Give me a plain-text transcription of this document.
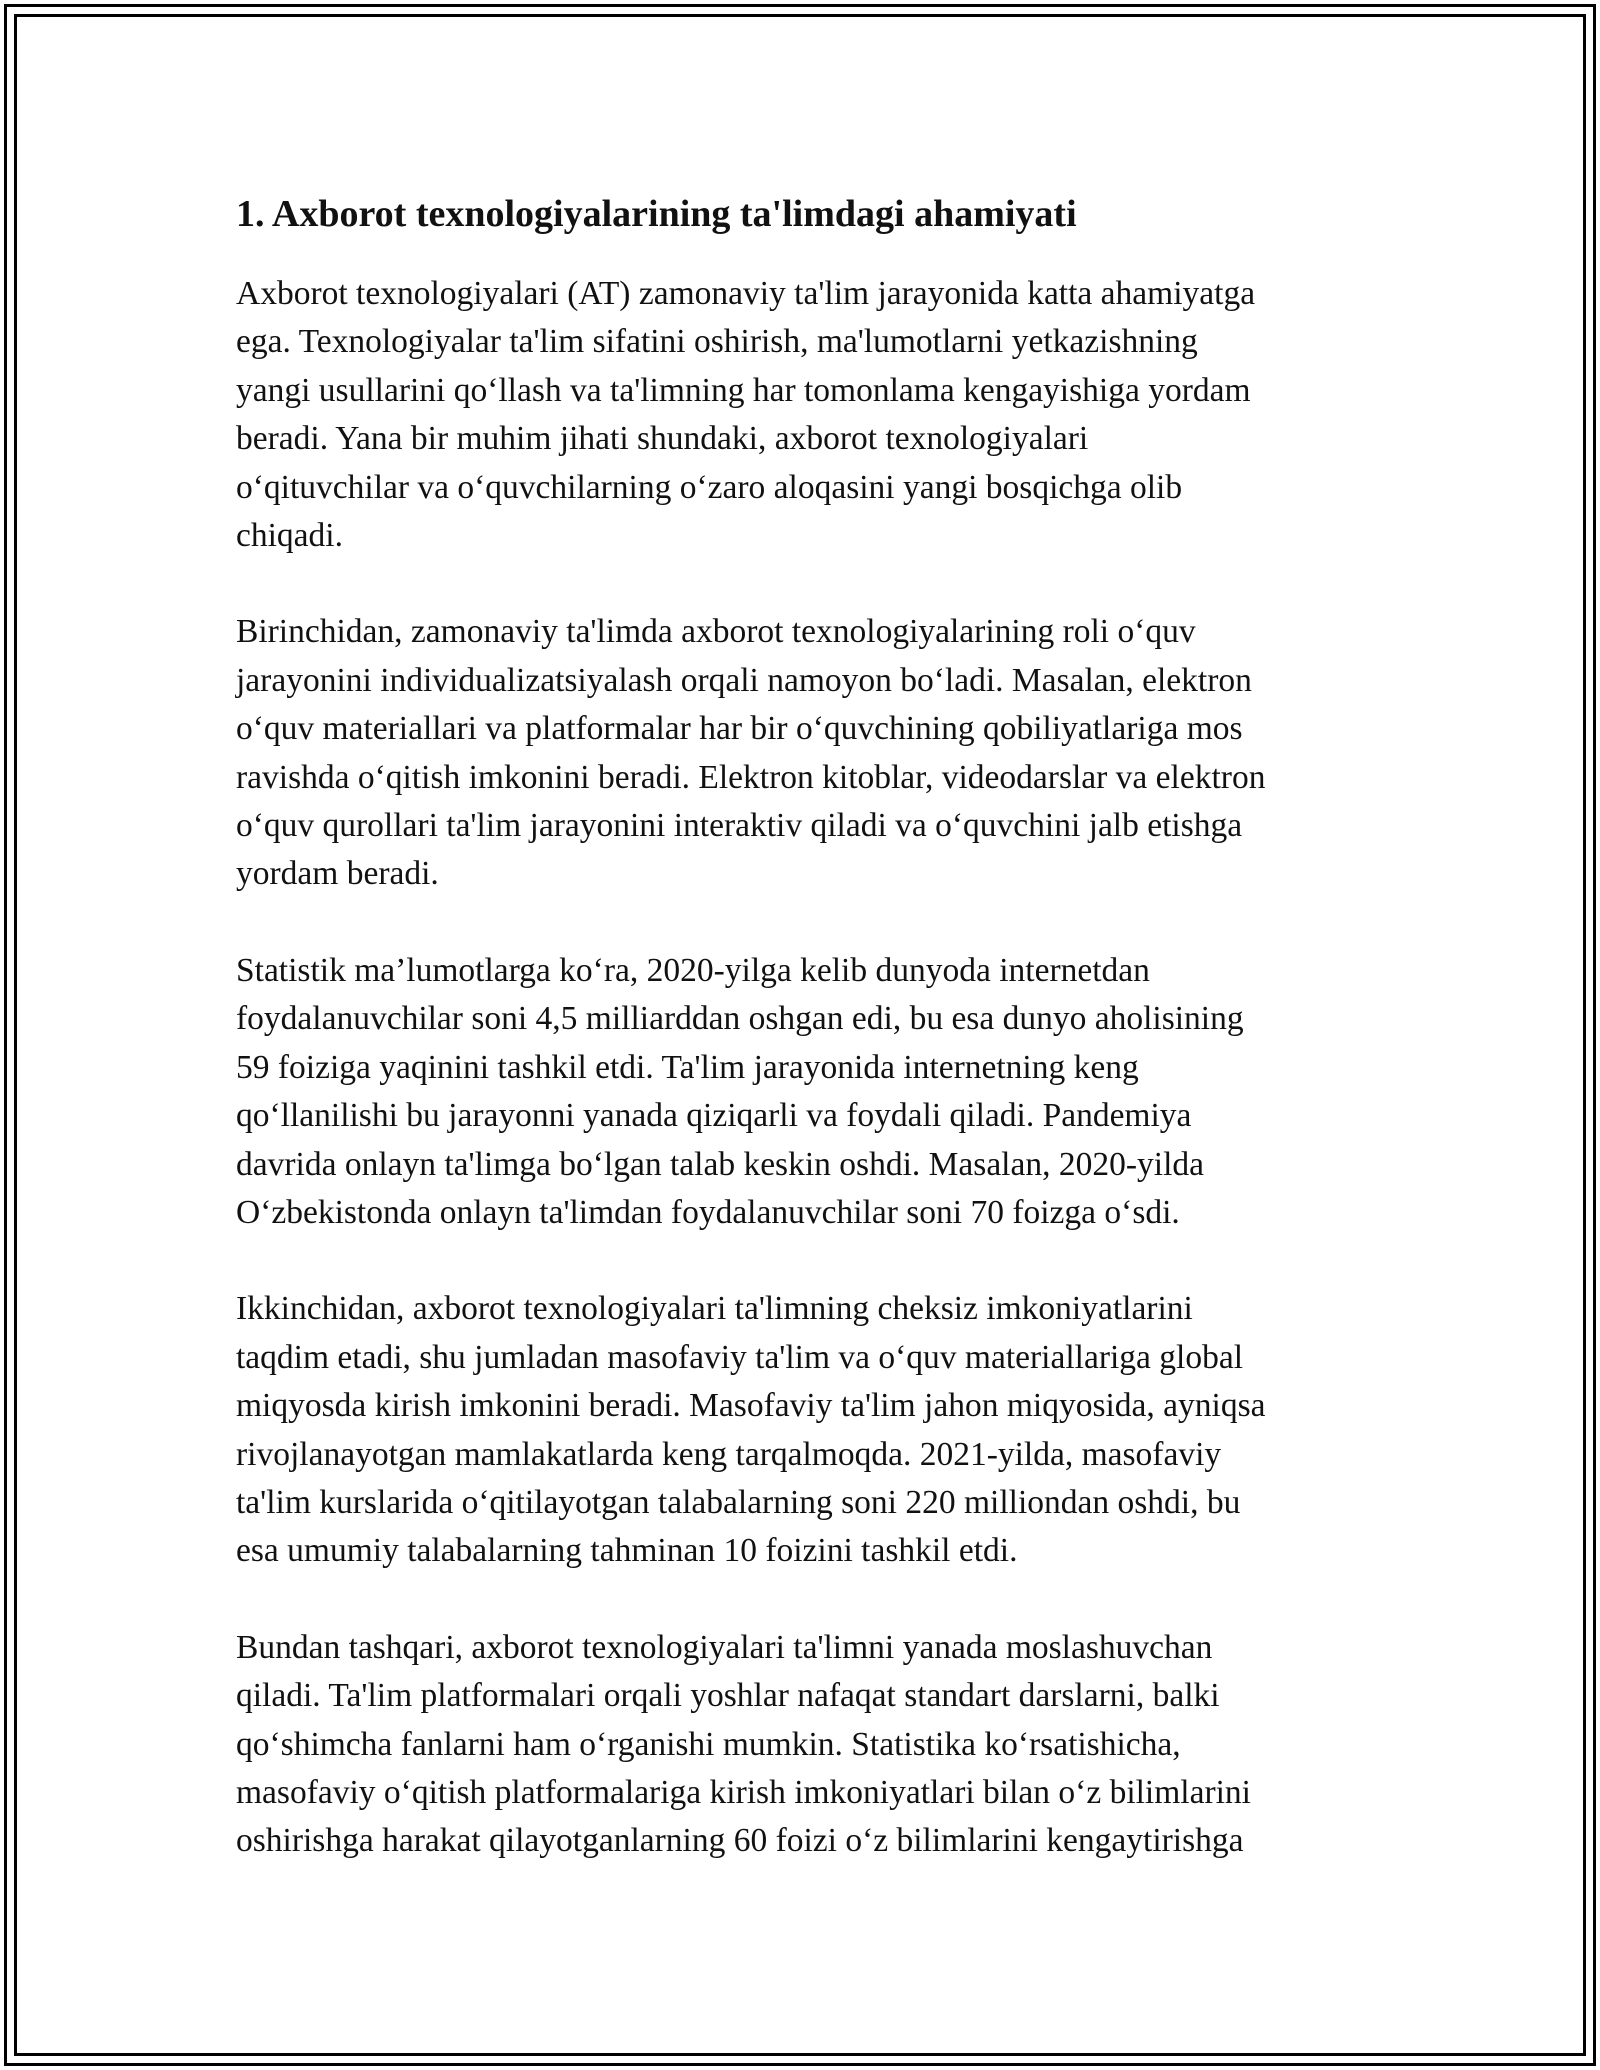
1. Axborot texnologiyalarining ta'limdagi ahamiyati

Axborot texnologiyalari (AT) zamonaviy ta'lim jarayonida katta ahamiyatga
ega. Texnologiyalar ta'lim sifatini oshirish, ma'lumotlarni yetkazishning
yangi usullarini qoʻllash va ta'limning har tomonlama kengayishiga yordam
beradi. Yana bir muhim jihati shundaki, axborot texnologiyalari
oʻqituvchilar va oʻquvchilarning oʻzaro aloqasini yangi bosqichga olib
chiqadi.

Birinchidan, zamonaviy ta'limda axborot texnologiyalarining roli oʻquv
jarayonini individualizatsiyalash orqali namoyon boʻladi. Masalan, elektron
oʻquv materiallari va platformalar har bir oʻquvchining qobiliyatlariga mos
ravishda oʻqitish imkonini beradi. Elektron kitoblar, videodarslar va elektron
oʻquv qurollari ta'lim jarayonini interaktiv qiladi va oʻquvchini jalb etishga
yordam beradi.

Statistik ma’lumotlarga koʻra, 2020-yilga kelib dunyoda internetdan
foydalanuvchilar soni 4,5 milliarddan oshgan edi, bu esa dunyo aholisining
59 foiziga yaqinini tashkil etdi. Ta'lim jarayonida internetning keng
qoʻllanilishi bu jarayonni yanada qiziqarli va foydali qiladi. Pandemiya
davrida onlayn ta'limga boʻlgan talab keskin oshdi. Masalan, 2020-yilda
Oʻzbekistonda onlayn ta'limdan foydalanuvchilar soni 70 foizga oʻsdi.

Ikkinchidan, axborot texnologiyalari ta'limning cheksiz imkoniyatlarini
taqdim etadi, shu jumladan masofaviy ta'lim va oʻquv materiallariga global
miqyosda kirish imkonini beradi. Masofaviy ta'lim jahon miqyosida, ayniqsa
rivojlanayotgan mamlakatlarda keng tarqalmoqda. 2021-yilda, masofaviy
ta'lim kurslarida oʻqitilayotgan talabalarning soni 220 milliondan oshdi, bu
esa umumiy talabalarning tahminan 10 foizini tashkil etdi.

Bundan tashqari, axborot texnologiyalari ta'limni yanada moslashuvchan
qiladi. Ta'lim platformalari orqali yoshlar nafaqat standart darslarni, balki
qoʻshimcha fanlarni ham oʻrganishi mumkin. Statistika koʻrsatishicha,
masofaviy oʻqitish platformalariga kirish imkoniyatlari bilan oʻz bilimlarini
oshirishga harakat qilayotganlarning 60 foizi oʻz bilimlarini kengaytirishga
